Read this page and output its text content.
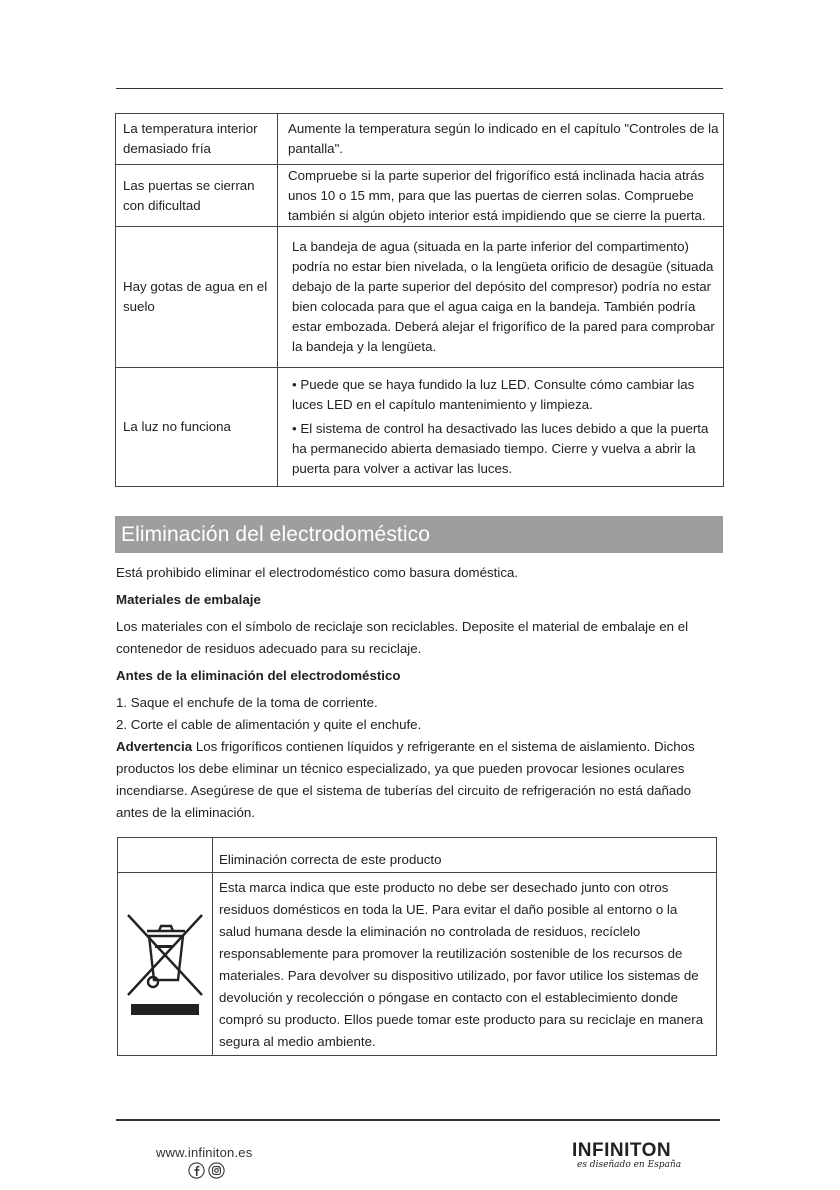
La temperatura interior demasiado fría	Aumente la temperatura según lo indicado en el capítulo "Controles de la pantalla".

Las puertas se cierran con dificultad	Compruebe si la parte superior del frigorífico está inclinada hacia atrás unos 10 o 15 mm, para que las puertas de cierren solas. Compruebe también si algún objeto interior está impidiendo que se cierre la puerta.

Hay gotas de agua en el suelo	La bandeja de agua (situada en la parte inferior del compartimento) podría no estar bien nivelada, o la lengüeta orificio de desagüe (situada debajo de la parte superior del depósito del compresor) podría no estar bien colocada para que el agua caiga en la bandeja. También podría estar embozada. Deberá alejar el frigorífico de la pared para comprobar la bandeja y la lengüeta.

La luz no funciona	• Puede que se haya fundido la luz LED. Consulte cómo cambiar las luces LED en el capítulo mantenimiento y limpieza.

• El sistema de control ha desactivado las luces debido a que la puerta ha permanecido abierta demasiado tiempo. Cierre y vuelva a abrir la puerta para volver a activar las luces.

Eliminación del electrodoméstico

Está prohibido eliminar el electrodoméstico como basura doméstica.

Materiales de embalaje

Los materiales con el símbolo de reciclaje son reciclables. Deposite el material de embalaje en el contenedor de residuos adecuado para su reciclaje.

Antes de la eliminación del electrodoméstico

1. Saque el enchufe de la toma de corriente.

2. Corte el cable de alimentación y quite el enchufe.

Advertencia Los frigoríficos contienen líquidos y refrigerante en el sistema de aislamiento. Dichos productos los debe eliminar un técnico especializado, ya que pueden provocar lesiones oculares incendiarse. Asegúrese de que el sistema de tuberías del circuito de refrigeración no está dañado antes de la eliminación.

	Eliminación correcta de este producto

	Esta marca indica que este producto no debe ser desechado junto con otros residuos domésticos en toda la UE. Para evitar el daño posible al entorno o la salud humana desde la eliminación no controlada de residuos, recíclelo responsablemente para promover la reutilización sostenible de los recursos de materiales. Para devolver su dispositivo utilizado, por favor utilice los sistemas de devolución y recolección o póngase en contacto con el establecimiento donde compró su producto. Ellos puede tomar este producto para su reciclaje en manera segura al medio ambiente.
www.infiniton.es	INFINITON
es diseñado en España
